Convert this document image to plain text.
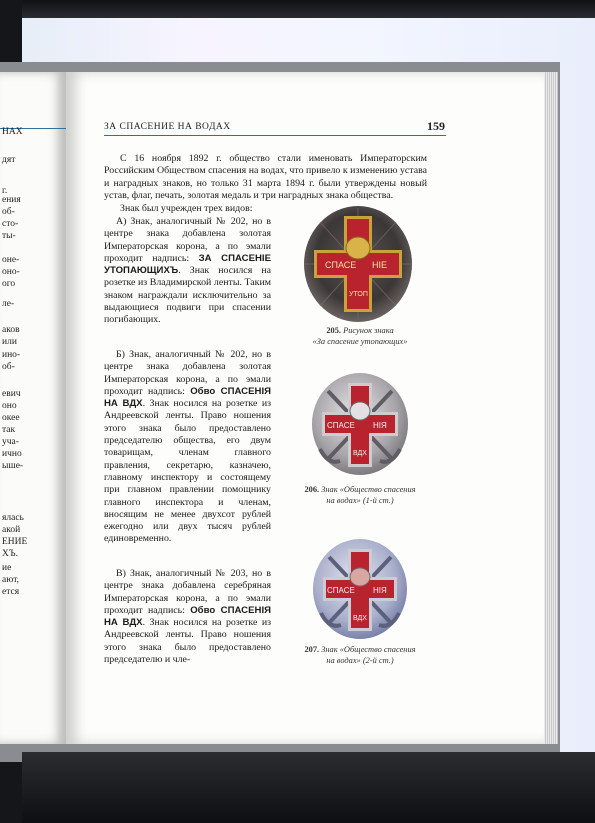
НАХ
дят
г.
ения
об-
сто-
ты-
оне-
оно-
ого
ле-
аков
или
ино-
об-
евич
оно
окее
так
уча-
ично
ыше-
ялась
акой
ЕНИЕ
ХЪ.
ие
ают,
ется
ЗА СПАСЕНИЕ НА ВОДАХ	159

С 16 ноября 1892 г. общество стали именовать Императорским Российским Обществом спасения на водах, что привело к изменению устава и наградных знаков, но только 31 марта 1894 г. были утверждены новый устав, флаг, печать, золотая медаль и три наградных знака общества.

Знак был учрежден трех видов:

А) Знак, аналогичный № 202, но в центре знака добавлена золотая Императорская корона, а по эмали проходит надпись: ЗА СПАСЕНІЕ УТОПАЮЩИХЪ. Знак носился на розетке из Владимирской ленты. Таким знаком награждали исключительно за выдающиеся подвиги при спасении погибающих.

Б) Знак, аналогичный № 202, но в центре знака добавлена золотая Императорская корона, а по эмали проходит надпись: Обво СПАСЕНІЯ НА ВДХ. Знак носился на розетке из Андреевской ленты. Право ношения этого знака было предоставлено председателю общества, его двум товарищам, членам главного правления, секретарю, казначею, главному инспектору и состоящему при главном правлении помощнику главного инспектора и членам, вносящим не менее двухсот рублей ежегодно или двух тысяч рублей единовременно.

В) Знак, аналогичный № 203, но в центре знака добавлена серебряная Императорская корона, а по эмали проходит надпись: Обво СПАСЕНІЯ НА ВДХ. Знак носился на розетке из Андреевской ленты. Право ношения этого знака было предоставлено председателю и чле-

СПАСЕ НІЕ
УТОП
205. Рисунок знака
«За спасение утопающих»
СПАСЕ НІЯ
ВДХ
206. Знак «Общество спасения
на водах» (1-й ст.)
СПАСЕ НІЯ
ВДХ
207. Знак «Общество спасения
на водах» (2-й ст.)
